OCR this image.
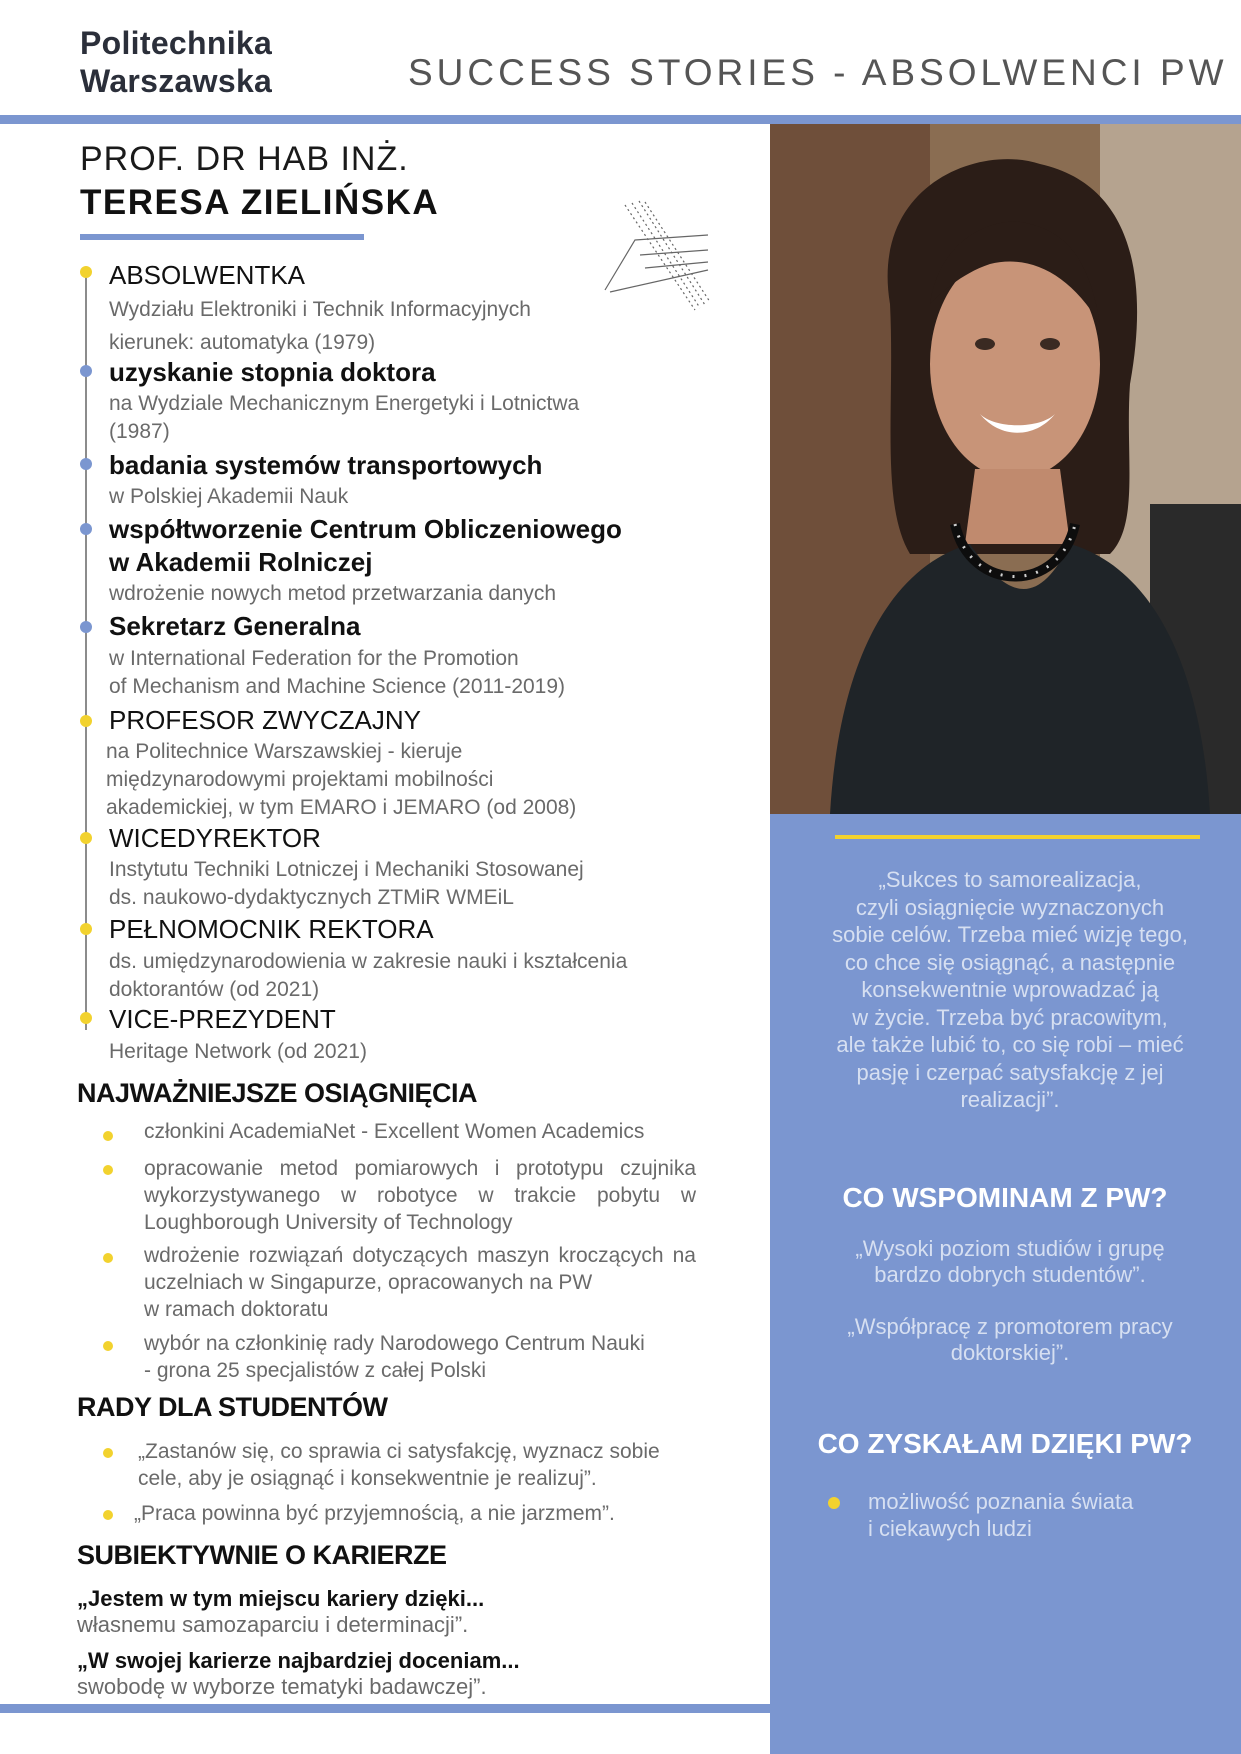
Politechnika
Warszawska	SUCCESS STORIES - ABSOLWENCI PW
PROF. DR HAB INŻ.
TERESA ZIELIŃSKA
ABSOLWENTKA
Wydziału Elektroniki i Technik Informacyjnych
kierunek: automatyka (1979)
uzyskanie stopnia doktora
na Wydziale Mechanicznym Energetyki i Lotnictwa
(1987)
badania systemów transportowych
w Polskiej Akademii Nauk
współtworzenie Centrum Obliczeniowego
w Akademii Rolniczej
wdrożenie nowych metod przetwarzania danych
Sekretarz Generalna
w International Federation for the Promotion
of Mechanism and Machine Science (2011-2019)
PROFESOR ZWYCZAJNY
na Politechnice Warszawskiej - kieruje
międzynarodowymi projektami mobilności
akademickiej, w tym EMARO i JEMARO (od 2008)
WICEDYREKTOR
Instytutu Techniki Lotniczej i Mechaniki Stosowanej
ds. naukowo-dydaktycznych ZTMiR WMEiL
PEŁNOMOCNIK REKTORA
ds. umiędzynarodowienia w zakresie nauki i kształcenia
doktorantów (od 2021)
VICE-PREZYDENT
Heritage Network (od 2021)
NAJWAŻNIEJSZE OSIĄGNIĘCIA
członkini AcademiaNet - Excellent Women Academics
opracowanie metod pomiarowych i prototypu czujnika wykorzystywanego w robotyce w trakcie pobytu w Loughborough University of Technology
wdrożenie rozwiązań dotyczących maszyn kroczących na uczelniach w Singapurze, opracowanych na PW
w ramach doktoratu
wybór na członkinię rady Narodowego Centrum Nauki
- grona 25 specjalistów z całej Polski
RADY DLA STUDENTÓW
„Zastanów się, co sprawia ci satysfakcję, wyznacz sobie
cele, aby je osiągnąć i konsekwentnie je realizuj”.
„Praca powinna być przyjemnością, a nie jarzmem”.
SUBIEKTYWNIE O KARIERZE
„Jestem w tym miejscu kariery dzięki...
własnemu samozaparciu i determinacji”.
„W swojej karierze najbardziej doceniam...
swobodę w wyborze tematyki badawczej”.
„Sukces to samorealizacja,
czyli osiągnięcie wyznaczonych
sobie celów. Trzeba mieć wizję tego,
co chce się osiągnąć, a następnie
konsekwentnie wprowadzać ją
w życie. Trzeba być pracowitym,
ale także lubić to, co się robi – mieć
pasję i czerpać satysfakcję z jej
realizacji”.
CO WSPOMINAM Z PW?
„Wysoki poziom studiów i grupę
bardzo dobrych studentów”.
„Współpracę z promotorem pracy
doktorskiej”.
CO ZYSKAŁAM DZIĘKI PW?
możliwość poznania świata
i ciekawych ludzi
